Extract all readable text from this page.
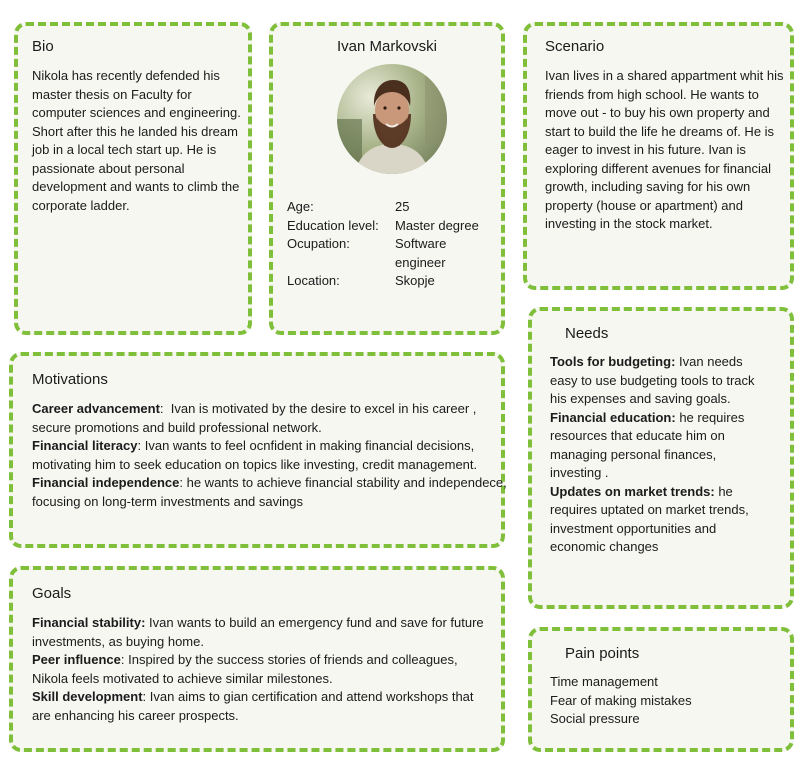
Bio

Nikola has recently defended his master thesis on Faculty for computer sciences and engineering.

Short after this he landed his dream job in a local tech start up. He is passionate about personal development and wants to climb the corporate ladder.

Ivan Markovski
Age:	25
Education level:	Master degree
Ocupation:	Software engineer
Location:	Skopje
Scenario
Ivan lives in a shared appartment whit his friends from high school. He wants to move out - to buy his own property and start to build the life he dreams of. He is eager to invest in his future. Ivan is exploring different avenues for financial growth, including saving for his own property (house or apartment) and investing in the stock market.
Motivations

Career advancement:  Ivan is motivated by the desire to excel in his career , secure promotions and build professional network.

Financial literacy: Ivan wants to feel ocnfident in making financial decisions, motivating him to seek education on topics like investing, credit management.

Financial independence: he wants to achieve financial stability and independece, focusing on long-term investments and savings

Goals

Financial stability: Ivan wants to build an emergency fund and save for future investments, as buying home.

Peer influence: Inspired by the success stories of friends and colleagues, Nikola feels motivated to achieve similar milestones.

Skill development: Ivan aims to gian certification and attend workshops that are enhancing his career prospects.

Needs

Tools for budgeting: Ivan needs easy to use budgeting tools to track his expenses and saving goals.

Financial education: he requires resources that educate him on managing personal finances, investing .

Updates on market trends: he requires uptated on market trends, investment opportunities and economic changes

Pain points

Time management

Fear of making mistakes

Social pressure
